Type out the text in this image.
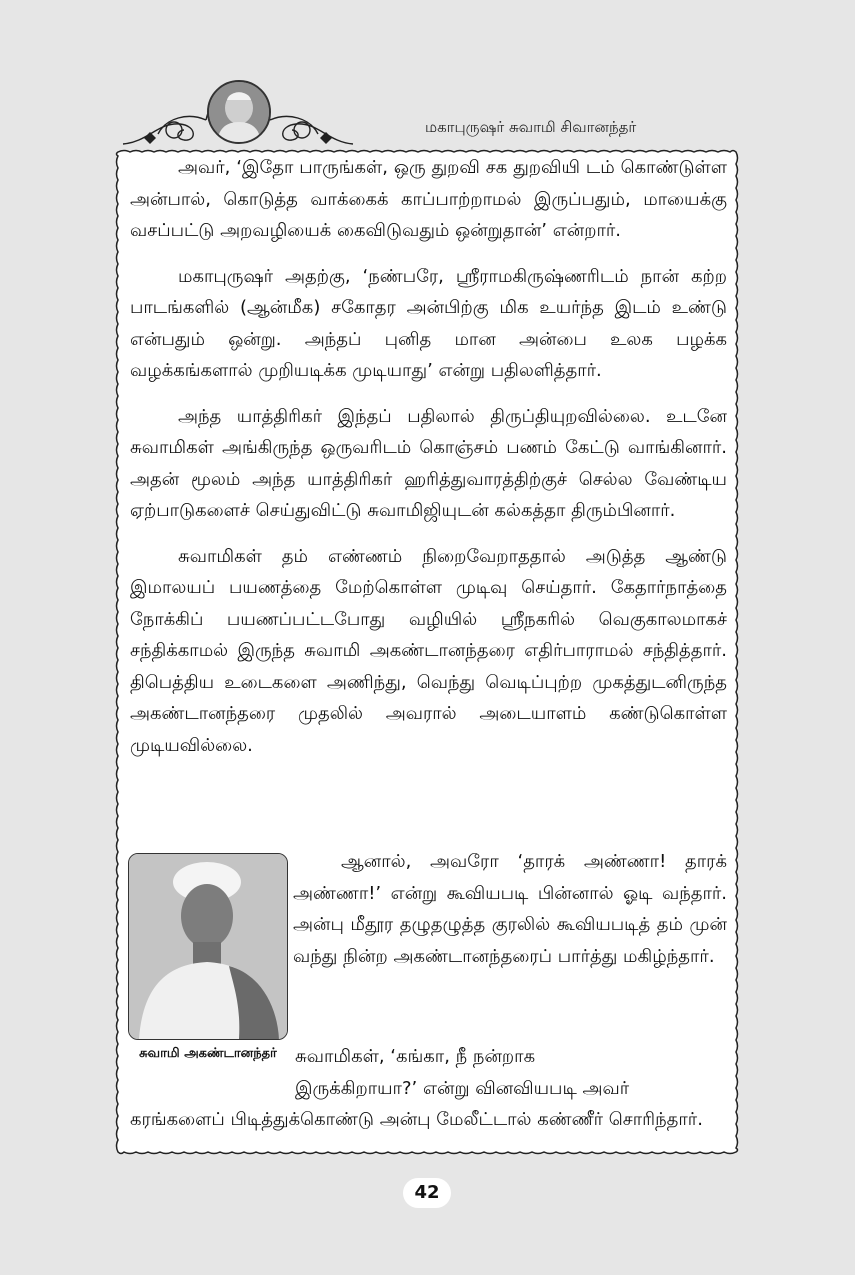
மகாபுருஷர் சுவாமி சிவானந்தர்

அவர், ‘இதோ பாருங்கள், ஒரு துறவி சக துறவியி டம் கொண்டுள்ள அன்பால், கொடுத்த வாக்கைக் காப்பாற்றாமல் இருப்பதும், மாயைக்கு வசப்பட்டு அறவழியைக் கைவிடுவதும் ஒன்றுதான்’ என்றார்.

மகாபுருஷர் அதற்கு, ‘நண்பரே, ஸ்ரீராமகிருஷ்ணரிடம் நான் கற்ற பாடங்களில் (ஆன்மீக) சகோதர அன்பிற்கு மிக உயர்ந்த இடம் உண்டு என்பதும் ஒன்று. அந்தப் புனித மான அன்பை உலக பழக்க வழக்கங்களால் முறியடிக்க முடியாது’ என்று பதிலளித்தார்.

அந்த யாத்திரிகர் இந்தப் பதிலால் திருப்தியுறவில்லை. உடனே சுவாமிகள் அங்கிருந்த ஒருவரிடம் கொஞ்சம் பணம் கேட்டு வாங்கினார். அதன் மூலம் அந்த யாத்திரிகர் ஹரித்துவாரத்திற்குச் செல்ல வேண்டிய ஏற்பாடுகளைச் செய்துவிட்டு சுவாமிஜியுடன் கல்கத்தா திரும்பினார்.

சுவாமிகள் தம் எண்ணம் நிறைவேறாததால் அடுத்த ஆண்டு இமாலயப் பயணத்தை மேற்கொள்ள முடிவு செய்தார். கேதார்நாத்தை நோக்கிப் பயணப்பட்டபோது வழியில் ஸ்ரீநகரில் வெகுகாலமாகச் சந்திக்காமல் இருந்த சுவாமி அகண்டானந்தரை எதிர்பாராமல் சந்தித்தார். திபெத்திய உடைகளை அணிந்து, வெந்து வெடிப்புற்ற முகத்துடனிருந்த அகண்டானந்தரை முதலில் அவரால் அடையாளம் கண்டுகொள்ள முடியவில்லை.

சுவாமி அகண்டானந்தர்

ஆனால், அவரோ ‘தாரக் அண்ணா! தாரக் அண்ணா!’ என்று கூவியபடி பின்னால் ஓடி வந்தார். அன்பு மீதூர தழுதழுத்த குரலில் கூவியபடித் தம் முன் வந்து நின்ற அகண்டானந்தரைப் பார்த்து மகிழ்ந்தார்.

சுவாமிகள், ‘கங்கா, நீ நன்றாக

இருக்கிறாயா?’ என்று வினவியபடி அவர்

கரங்களைப் பிடித்துக்கொண்டு அன்பு மேலீட்டால் கண்ணீர் சொரிந்தார்.

42
